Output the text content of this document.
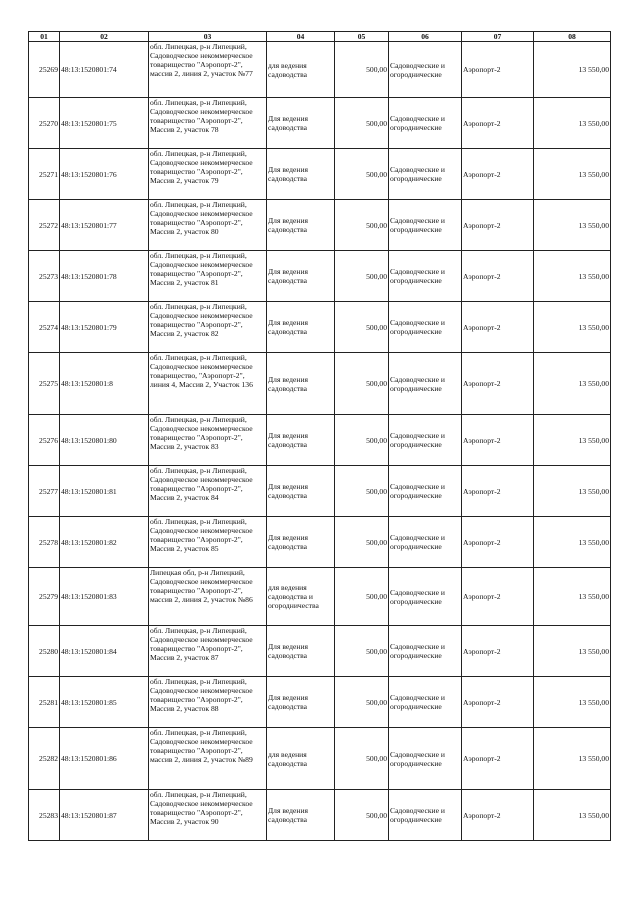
01	02	03	04	05	06	07	08
25269	48:13:1520801:74	обл. Липецкая, р-н Липецкий, Садоводческое некоммерческое товарищество "Аэропорт-2", массив 2, линия 2, участок №77	для ведения садоводства	500,00	Садоводческие и огороднические	Аэропорт-2	13 550,00
25270	48:13:1520801:75	обл. Липецкая, р-н Липецкий, Садоводческое некоммерческое товарищество "Аэропорт-2", Массив 2, участок 78	Для ведения садоводства	500,00	Садоводческие и огороднические	Аэропорт-2	13 550,00
25271	48:13:1520801:76	обл. Липецкая, р-н Липецкий, Садоводческое некоммерческое товарищество "Аэропорт-2", Массив 2, участок 79	Для ведения садоводства	500,00	Садоводческие и огороднические	Аэропорт-2	13 550,00
25272	48:13:1520801:77	обл. Липецкая, р-н Липецкий, Садоводческое некоммерческое товарищество "Аэропорт-2", Массив 2, участок 80	Для ведения садоводства	500,00	Садоводческие и огороднические	Аэропорт-2	13 550,00
25273	48:13:1520801:78	обл. Липецкая, р-н Липецкий, Садоводческое некоммерческое товарищество "Аэропорт-2", Массив 2, участок 81	Для ведения садоводства	500,00	Садоводческие и огороднические	Аэропорт-2	13 550,00
25274	48:13:1520801:79	обл. Липецкая, р-н Липецкий, Садоводческое некоммерческое товарищество "Аэропорт-2", Массив 2, участок 82	Для ведения садоводства	500,00	Садоводческие и огороднические	Аэропорт-2	13 550,00
25275	48:13:1520801:8	обл. Липецкая, р-н Липецкий, Садоводческое некоммерческое товарищество, "Аэропорт-2", линия 4, Массив 2, Участок 136	Для ведения садоводства	500,00	Садоводческие и огороднические	Аэропорт-2	13 550,00
25276	48:13:1520801:80	обл. Липецкая, р-н Липецкий, Садоводческое некоммерческое товарищество "Аэропорт-2", Массив 2, участок 83	Для ведения садоводства	500,00	Садоводческие и огороднические	Аэропорт-2	13 550,00
25277	48:13:1520801:81	обл. Липецкая, р-н Липецкий, Садоводческое некоммерческое товарищество "Аэропорт-2", Массив 2, участок 84	Для ведения садоводства	500,00	Садоводческие и огороднические	Аэропорт-2	13 550,00
25278	48:13:1520801:82	обл. Липецкая, р-н Липецкий, Садоводческое некоммерческое товарищество "Аэропорт-2", Массив 2, участок 85	Для ведения садоводства	500,00	Садоводческие и огороднические	Аэропорт-2	13 550,00
25279	48:13:1520801:83	Липецкая обл, р-н Липецкий, Садоводческое некоммерческое товарищество "Аэропорт-2", массив 2, линия 2, участок №86	для ведения садоводства и огородничества	500,00	Садоводческие и огороднические	Аэропорт-2	13 550,00
25280	48:13:1520801:84	обл. Липецкая, р-н Липецкий, Садоводческое некоммерческое товарищество "Аэропорт-2", Массив 2, участок 87	Для ведения садоводства	500,00	Садоводческие и огороднические	Аэропорт-2	13 550,00
25281	48:13:1520801:85	обл. Липецкая, р-н Липецкий, Садоводческое некоммерческое товарищество "Аэропорт-2", Массив 2, участок 88	Для ведения садоводства	500,00	Садоводческие и огороднические	Аэропорт-2	13 550,00
25282	48:13:1520801:86	обл. Липецкая, р-н Липецкий, Садоводческое некоммерческое товарищество "Аэропорт-2", массив 2, линия 2, участок №89	для ведения садоводства	500,00	Садоводческие и огороднические	Аэропорт-2	13 550,00
25283	48:13:1520801:87	обл. Липецкая, р-н Липецкий, Садоводческое некоммерческое товарищество "Аэропорт-2", Массив 2, участок 90	Для ведения садоводства	500,00	Садоводческие и огороднические	Аэропорт-2	13 550,00
